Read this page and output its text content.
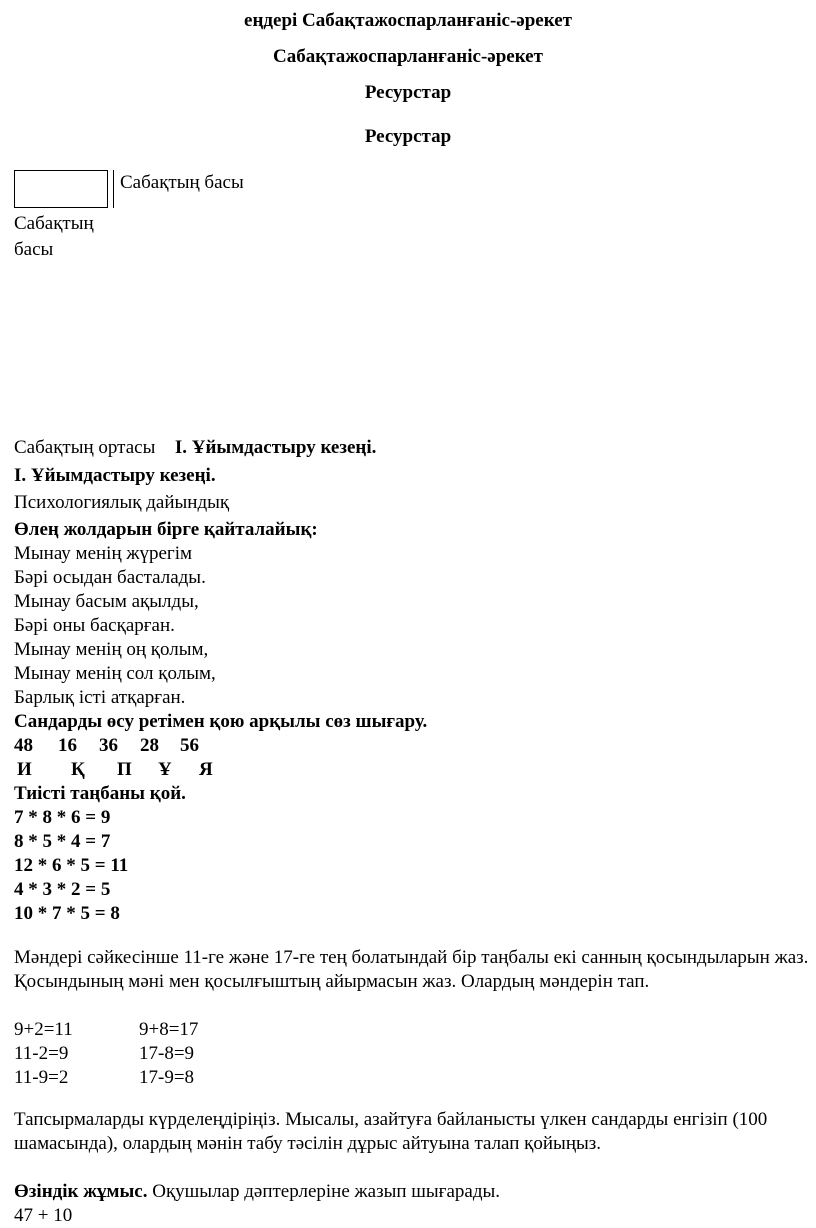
еңдері Сабақтажоспарланғаніс-әрекет
Сабақтажоспарланғаніс-әрекет
Ресурстар
Ресурстар
Сабақтың басы
Сабақтың
басы
Сабақтың ортасы І. Ұйымдастыру кезеңі.
І. Ұйымдастыру кезеңі.
Психологиялық дайындық
Өлең жолдарын бірге қайталайық:
Мынау менің жүрегім
Бәрі осыдан басталады.
Мынау басым ақылды,
Бәрі оны басқарған.
Мынау менің оң қолым,
Мынау менің сол қолым,
Барлық істі атқарған.
Сандарды өсу ретімен қою арқылы сөз шығару.
48 16 36 28 56
И Қ П Ұ Я
Тиісті таңбаны қой.
7 * 8 * 6 = 9
8 * 5 * 4 = 7
12 * 6 * 5 = 11
4 * 3 * 2 = 5
10 * 7 * 5 = 8
Мәндері сәйкесінше 11-ге және 17-ге тең болатындай бір таңбалы екі санның қосындыларын жаз. Қосындының мәні мен қосылғыштың айырмасын жаз. Олардың мәндерін тап.
9+2=11
11-2=9
11-9=2
9+8=17
17-8=9
17-9=8
Тапсырмаларды күрделеңдіріңіз. Мысалы, азайтуға байланысты үлкен сандарды енгізіп (100 шамасында), олардың мәнін табу тәсілін дұрыс айтуына талап қойыңыз.
Өзіндік жұмыс. Оқушылар дәптерлеріне жазып шығарады.
47 + 10
